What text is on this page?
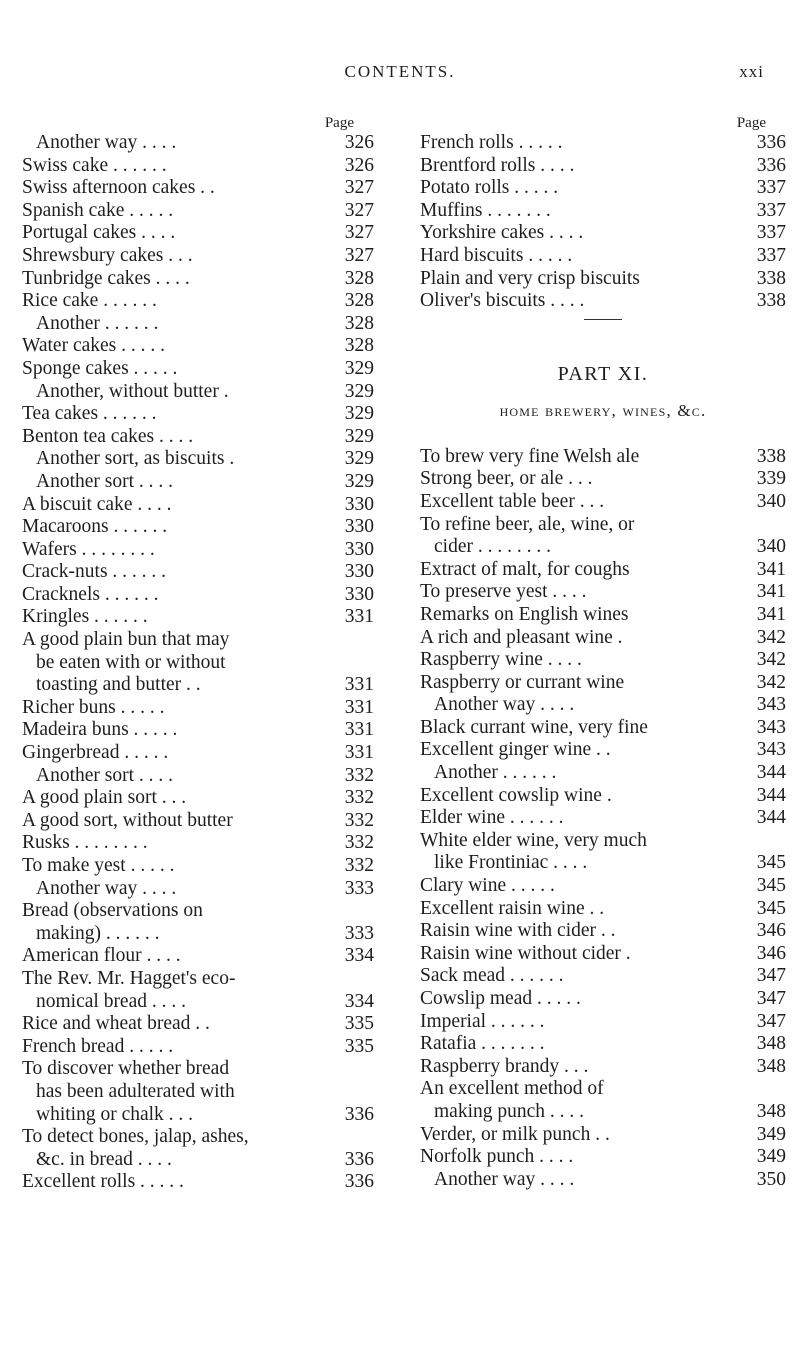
CONTENTS.	xxi
Page
Another way . . . .	326
Swiss cake . . . . . .	326
Swiss afternoon cakes . .	327
Spanish cake . . . . .	327
Portugal cakes . . . .	327
Shrewsbury cakes . . .	327
Tunbridge cakes . . . .	328
Rice cake . . . . . .	328
Another . . . . . .	328
Water cakes . . . . .	328
Sponge cakes . . . . .	329
Another, without butter .	329
Tea cakes . . . . . .	329
Benton tea cakes . . . .	329
Another sort, as biscuits .	329
Another sort . . . .	329
A biscuit cake . . . .	330
Macaroons . . . . . .	330
Wafers . . . . . . . .	330
Crack-nuts . . . . . .	330
Cracknels . . . . . .	330
Kringles . . . . . .	331
A good plain bun that may
be eaten with or without
toasting and butter . .	331
Richer buns . . . . .	331
Madeira buns . . . . .	331
Gingerbread . . . . .	331
Another sort . . . .	332
A good plain sort . . .	332
A good sort, without butter	332
Rusks . . . . . . . .	332
To make yest . . . . .	332
Another way . . . .	333
Bread (observations on
making) . . . . . .	333
American flour . . . .	334
The Rev. Mr. Hagget's eco-
nomical bread . . . .	334
Rice and wheat bread . .	335
French bread . . . . .	335
To discover whether bread
has been adulterated with
whiting or chalk . . .	336
To detect bones, jalap, ashes,
&c. in bread . . . .	336
Excellent rolls . . . . .	336
Page
French rolls . . . . .	336
Brentford rolls . . . .	336
Potato rolls . . . . .	337
Muffins . . . . . . .	337
Yorkshire cakes . . . .	337
Hard biscuits . . . . .	337
Plain and very crisp biscuits	338
Oliver's biscuits . . . .	338
PART XI.
home brewery, wines, &c.
To brew very fine Welsh ale	338
Strong beer, or ale . . .	339
Excellent table beer . . .	340
To refine beer, ale, wine, or
cider . . . . . . . .	340
Extract of malt, for coughs	341
To preserve yest . . . .	341
Remarks on English wines	341
A rich and pleasant wine .	342
Raspberry wine . . . .	342
Raspberry or currant wine	342
Another way . . . .	343
Black currant wine, very fine	343
Excellent ginger wine . .	343
Another . . . . . .	344
Excellent cowslip wine .	344
Elder wine . . . . . .	344
White elder wine, very much
like Frontiniac . . . .	345
Clary wine . . . . .	345
Excellent raisin wine . .	345
Raisin wine with cider . .	346
Raisin wine without cider .	346
Sack mead . . . . . .	347
Cowslip mead . . . . .	347
Imperial . . . . . .	347
Ratafia . . . . . . .	348
Raspberry brandy . . .	348
An excellent method of
making punch . . . .	348
Verder, or milk punch . .	349
Norfolk punch . . . .	349
Another way . . . .	350
